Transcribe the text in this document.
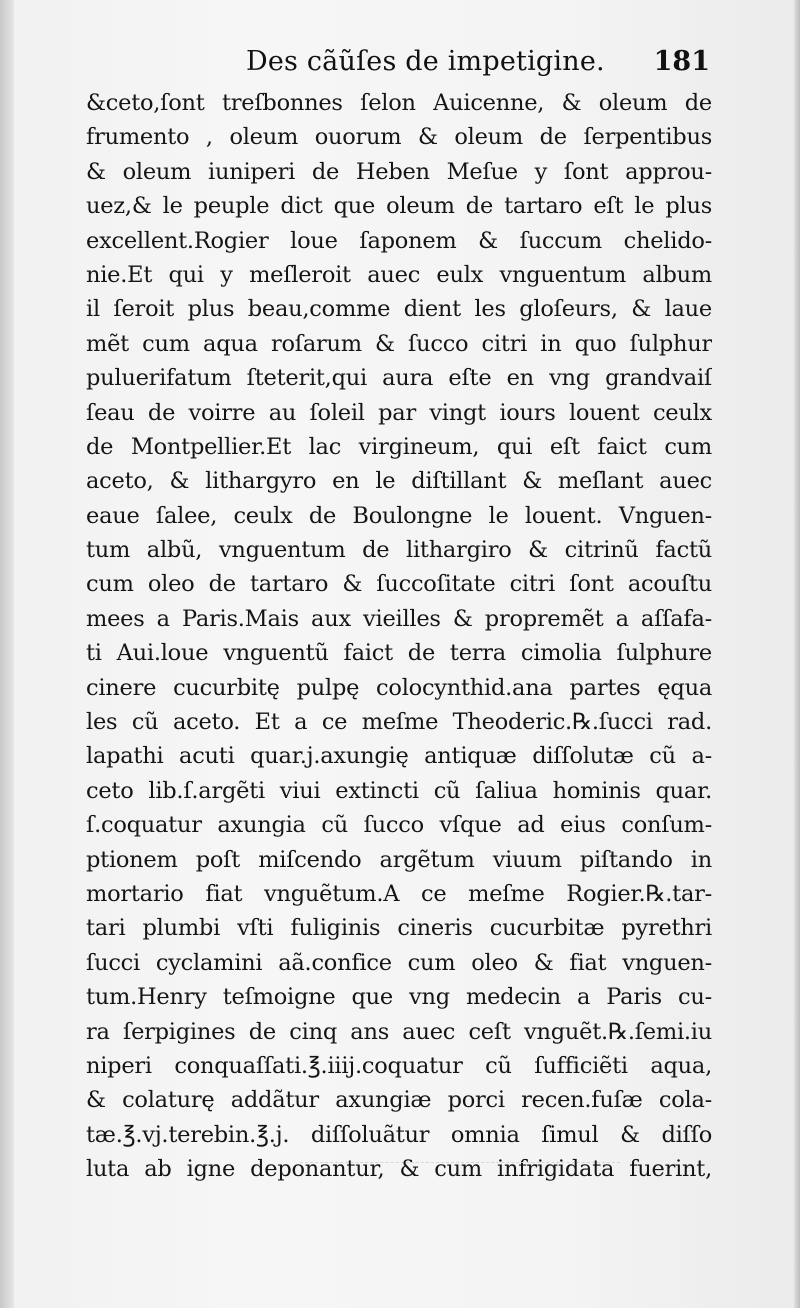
Des cãũſes de impetigine. 181
&ceto,ſont treſbonnes ſelon Auicenne, & oleum de
frumento , oleum ouorum & oleum de ſerpentibus
& oleum iuniperi de Heben Meſue y ſont approu-
uez,& le peuple dict que oleum de tartaro eſt le plus
excellent.Rogier loue ſaponem & ſuccum chelido-
nie.Et qui y meſleroit auec eulx vnguentum album
il ſeroit plus beau,comme dient les gloſeurs, & laue
mẽt cum aqua roſarum & ſucco citri in quo ſulphur
puluerifatum ſteterit,qui aura eſte en vng grandvaiſ
ſeau de voirre au ſoleil par vingt iours louent ceulx
de Montpellier.Et lac virgineum, qui eſt faict cum
aceto, & lithargyro en le diſtillant & meſlant auec
eaue ſalee, ceulx de Boulongne le louent. Vnguen-
tum albũ, vnguentum de lithargiro & citrinũ factũ
cum oleo de tartaro & ſuccoſitate citri ſont acouſtu
mees a Paris.Mais aux vieilles & propremẽt a aſſafa-
ti Aui.loue vnguentũ faict de terra cimolia ſulphure
cinere cucurbitę pulpę colocynthid.ana partes ęqua
les cũ aceto. Et a ce meſme Theoderic.℞.ſucci rad.
lapathi acuti quar.j.axungię antiquæ diſſolutæ cũ a-
ceto lib.ſ.argẽti viui extincti cũ ſaliua hominis quar.
ſ.coquatur axungia cũ ſucco vſque ad eius conſum-
ptionem poſt miſcendo argẽtum viuum piſtando in
mortario fiat vnguẽtum.A ce meſme Rogier.℞.tar-
tari plumbi vſti fuliginis cineris cucurbitæ pyrethri
ſucci cyclamini aã.confice cum oleo & fiat vnguen-
tum.Henry teſmoigne que vng medecin a Paris cu-
ra ſerpigines de cinq ans auec ceſt vnguẽt.℞.ſemi.iu
niperi conquaſſati.℥.iiij.coquatur cũ ſufficiẽti aqua,
& colaturę addãtur axungiæ porci recen.fuſæ cola-
tæ.℥.vj.terebin.℥.j. diſſoluãtur omnia ſimul & diſſo
luta ab igne deponantur, & cum infrigidata fuerint,
